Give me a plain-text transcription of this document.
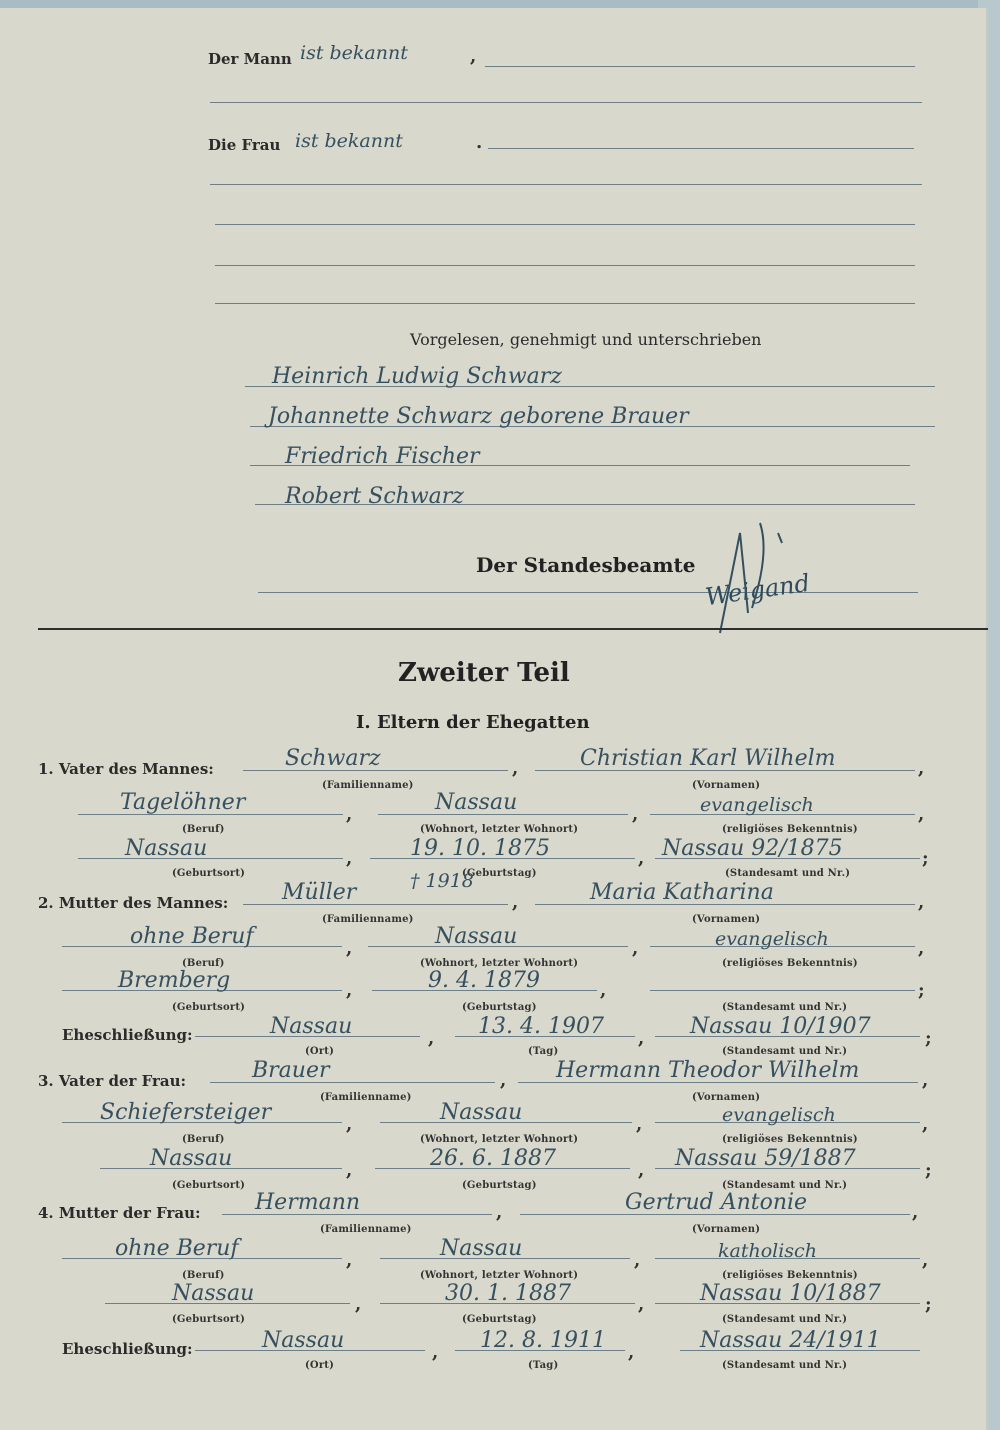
Der Mann ist bekannt	,
Die Frau ist bekannt	.
Vorgelesen, genehmigt und unterschrieben
Heinrich Ludwig Schwarz
Johannette Schwarz geborene Brauer
Friedrich Fischer
Robert Schwarz
Der Standesbeamte
Weigand
Zweiter Teil
I. Eltern der Ehegatten
1. Vater des Mannes:	Schwarz
(Familienname)
,	Christian Karl Wilhelm
(Vornamen)
,
Tagelöhner
(Beruf)
,	Nassau
(Wohnort, letzter Wohnort)
,	evangelisch
(religiöses Bekenntnis)
,
Nassau
(Geburtsort)
,	19. 10. 1875
(Geburtstag)
, Nassau 92/1875
(Standesamt und Nr.)
;
2. Mutter des Mannes: Müller	† 1918
(Familienname)
,	Maria Katharina
(Vornamen)
,
ohne Beruf
(Beruf)
,	Nassau
(Wohnort, letzter Wohnort)
,	evangelisch
(religiöses Bekenntnis)
,
Bremberg
(Geburtsort)
,	9. 4. 1879
(Geburtstag)
,
(Standesamt und Nr.)
;
Eheschließung:	Nassau
(Ort)
, 13. 4. 1907
(Tag)
, Nassau 10/1907
(Standesamt und Nr.)
;
3. Vater der Frau:	Brauer
(Familienname)
, Hermann Theodor Wilhelm
(Vornamen)
,
Schiefersteiger
(Beruf)
,	Nassau
(Wohnort, letzter Wohnort)
,	evangelisch
(religiöses Bekenntnis)
,
Nassau
(Geburtsort)
,	26. 6. 1887
(Geburtstag)
, Nassau 59/1887
(Standesamt und Nr.)
;
4. Mutter der Frau: Hermann
(Familienname)
,	Gertrud Antonie
(Vornamen)
,
ohne Beruf
(Beruf)
,	Nassau
(Wohnort, letzter Wohnort)
,	katholisch
(religiöses Bekenntnis)
,
Nassau
(Geburtsort)
,	30. 1. 1887
(Geburtstag)
,	Nassau 10/1887
(Standesamt und Nr.)
;
Eheschließung:	Nassau
(Ort)
, 12. 8. 1911
(Tag)
,	Nassau 24/1911
(Standesamt und Nr.)
